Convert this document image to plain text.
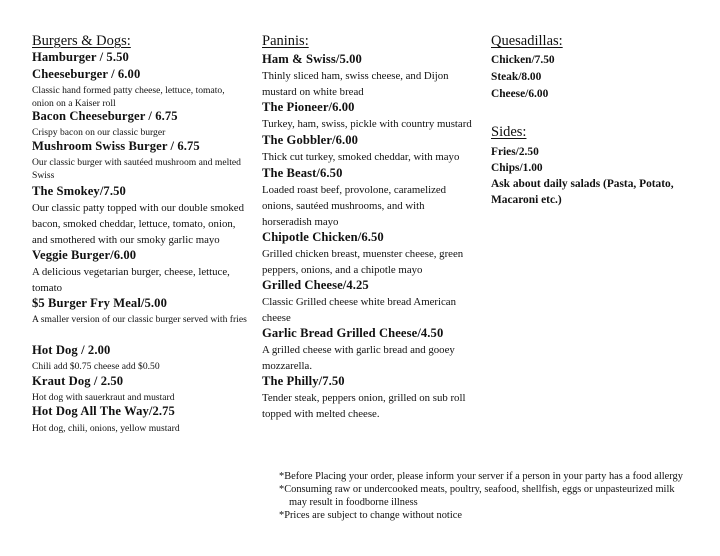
Burgers & Dogs:
Hamburger / 5.50
Cheeseburger / 6.00
Classic hand formed patty cheese, lettuce, tomato,
onion on a Kaiser roll
Bacon Cheeseburger / 6.75
Crispy bacon on our classic burger
Mushroom Swiss Burger / 6.75
Our classic burger with sautéed mushroom and melted
Swiss
The Smokey/7.50
Our classic patty topped with our double smoked
bacon, smoked cheddar, lettuce, tomato, onion,
and smothered with our smoky garlic mayo
Veggie Burger/6.00
A delicious vegetarian burger, cheese, lettuce,
tomato
$5 Burger Fry Meal/5.00
A smaller version of our classic burger served with fries
Hot Dog / 2.00
Chili add $0.75 cheese add $0.50
Kraut Dog / 2.50
Hot dog with sauerkraut and mustard
Hot Dog All The Way/2.75
Hot dog, chili, onions, yellow mustard
Paninis:
Ham & Swiss/5.00
Thinly sliced ham, swiss cheese, and Dijon
mustard on white bread
The Pioneer/6.00
Turkey, ham, swiss, pickle with country mustard
The Gobbler/6.00
Thick cut turkey, smoked cheddar, with mayo
The Beast/6.50
Loaded roast beef, provolone, caramelized
onions, sautéed mushrooms, and with
horseradish mayo
Chipotle Chicken/6.50
Grilled chicken breast, muenster cheese, green
peppers, onions, and a chipotle mayo
Grilled Cheese/4.25
Classic Grilled cheese white bread American
cheese
Garlic Bread Grilled Cheese/4.50
A grilled cheese with garlic bread and gooey
mozzarella.
The Philly/7.50
Tender steak, peppers onion, grilled on sub roll
topped with melted cheese.
Quesadillas:
Chicken/7.50
Steak/8.00
Cheese/6.00
Sides:
Fries/2.50
Chips/1.00
Ask about daily salads (Pasta, Potato,
Macaroni etc.)
*Before Placing your order, please inform your server if a person in your party has a food allergy
*Consuming raw or undercooked meats, poultry, seafood, shellfish, eggs or unpasteurized milk
may result in foodborne illness
*Prices are subject to change without notice
